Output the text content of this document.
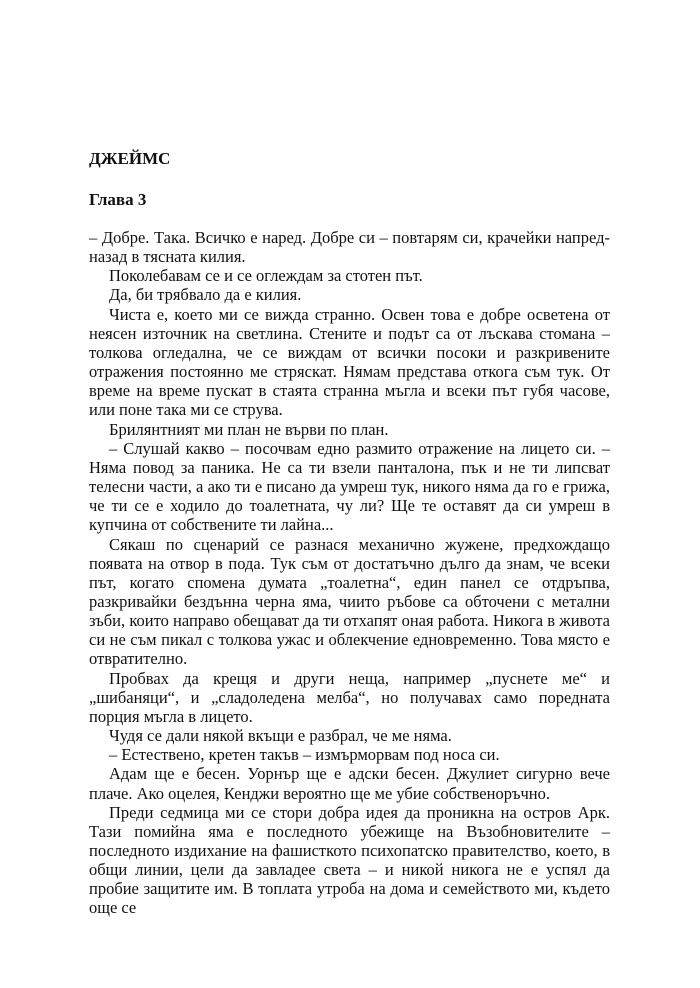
ДЖЕЙМС
Глава 3

– Добре. Така. Всичко е наред. Добре си – повтарям си, крачейки напред-назад в тясната килия.

Поколебавам се и се оглеждам за стотен път.

Да, би трябвало да е килия.

Чиста е, което ми се вижда странно. Освен това е добре осветена от неясен източник на светлина. Стените и подът са от лъскава стомана – толкова огледална, че се виждам от всички посоки и разкривените отражения постоянно ме стряскат. Нямам представа откога съм тук. От време на време пускат в стаята странна мъгла и всеки път губя часове, или поне така ми се струва.

Брилянтният ми план не върви по план.

– Слушай какво – посочвам едно размито отражение на лицето си. – Няма повод за паника. Не са ти взели панталона, пък и не ти липсват телесни части, а ако ти е писано да умреш тук, никого няма да го е грижа, че ти се е ходило до тоалетната, чу ли? Ще те оставят да си умреш в купчина от собствените ти лайна...

Сякаш по сценарий се разнася механично жужене, предхождащо появата на отвор в пода. Тук съм от достатъчно дълго да знам, че всеки път, когато спомена думата „тоалетна“, един панел се отдръпва, разкривайки бездънна черна яма, чиито ръбове са обточени с метални зъби, които направо обещават да ти отхапят оная работа. Никога в живота си не съм пикал с толкова ужас и облекчение едновременно. Това място е отвратително.

Пробвах да крещя и други неща, например „пуснете ме“ и „шибаняци“, и „сладоледена мелба“, но получавах само поредната порция мъгла в лицето.

Чудя се дали някой вкъщи е разбрал, че ме няма.

– Естествено, кретен такъв – измърморвам под носа си.

Адам ще е бесен. Уорнър ще е адски бесен. Джулиет сигурно вече плаче. Ако оцелея, Кенджи вероятно ще ме убие собственоръчно.

Преди седмица ми се стори добра идея да проникна на остров Арк. Тази помийна яма е последното убежище на Възобновителите – последното издихание на фашисткото психопатско правителство, което, в общи линии, цели да завладее света – и никой никога не е успял да пробие защитите им. В топлата утроба на дома и семейството ми, където още се
